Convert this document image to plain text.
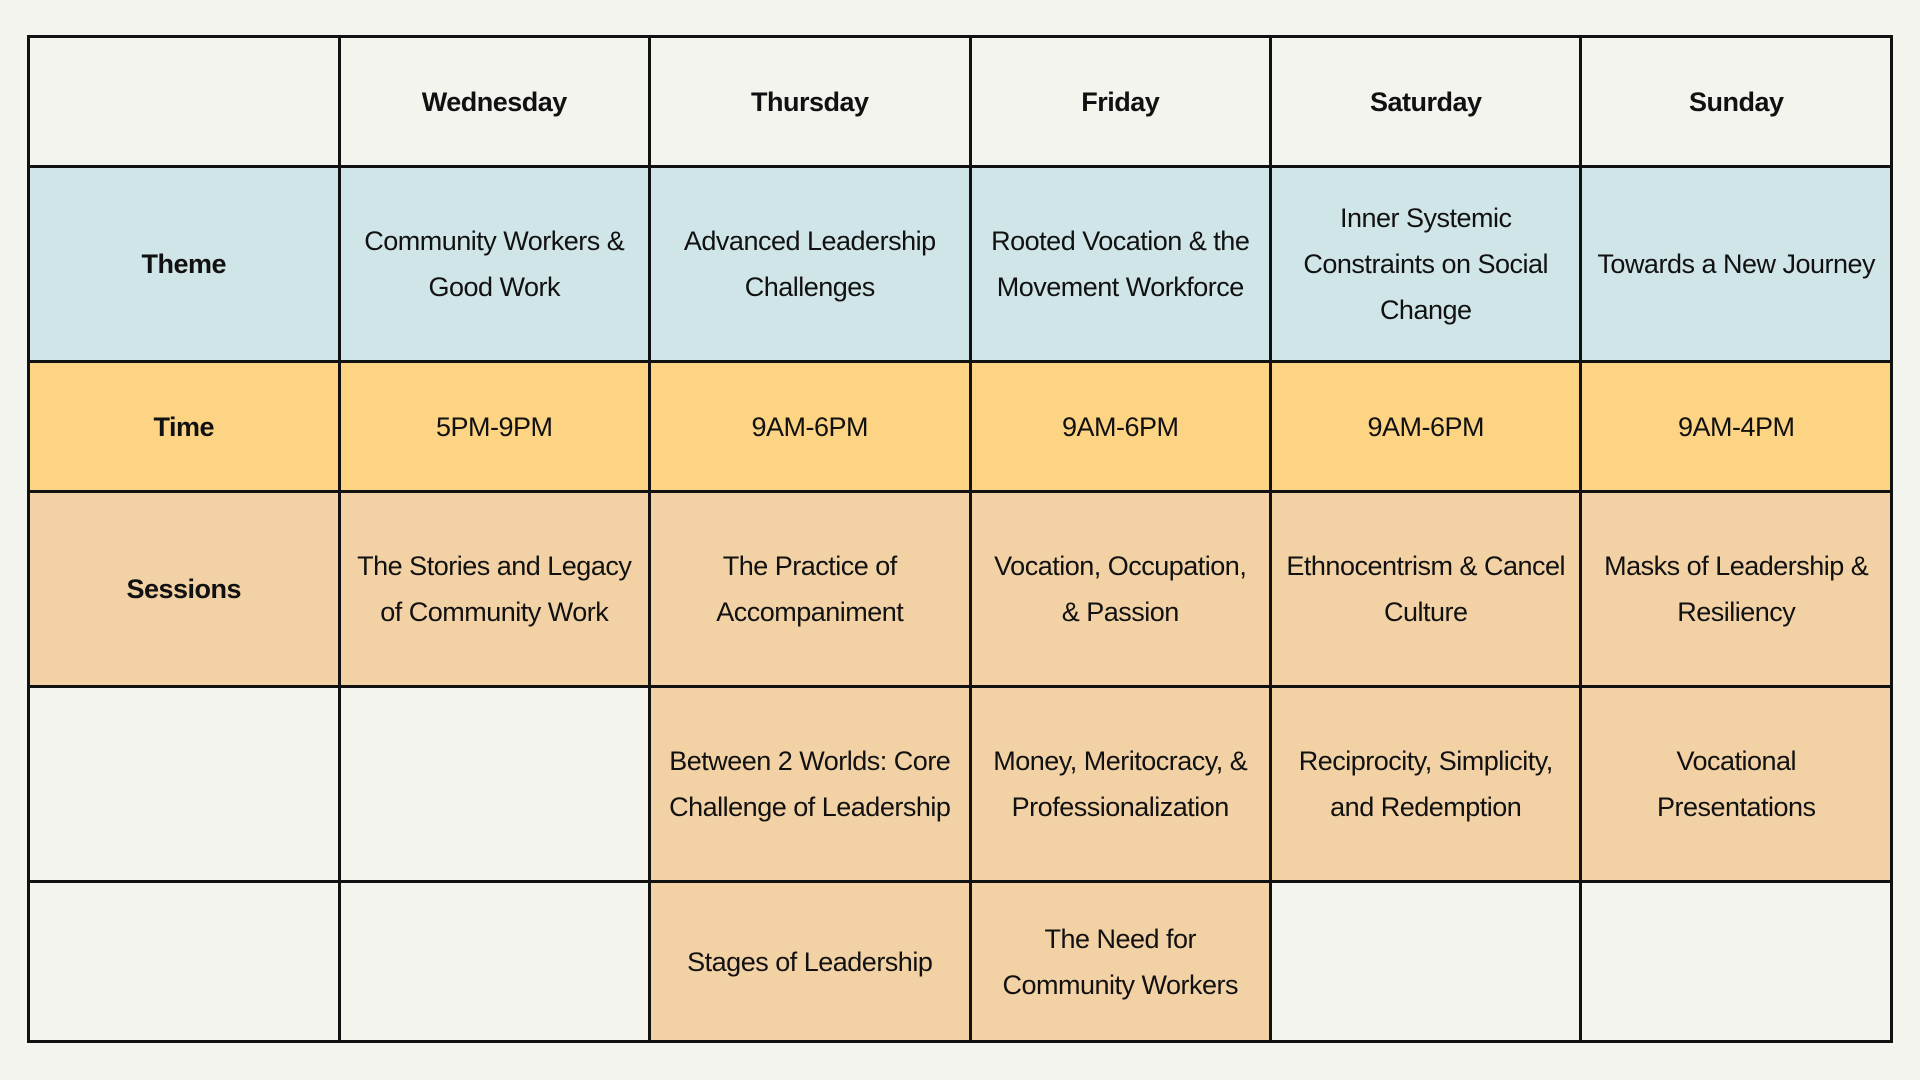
	Wednesday	Thursday	Friday	Saturday	Sunday
Theme	Community Workers & Good Work	Advanced Leadership Challenges	Rooted Vocation & the Movement Workforce	Inner Systemic Constraints on Social Change	Towards a New Journey
Time	5PM-9PM	9AM-6PM	9AM-6PM	9AM-6PM	9AM-4PM
Sessions	The Stories and Legacy of Community Work	The Practice of Accompaniment	Vocation, Occupation, & Passion	Ethnocentrism & Cancel Culture	Masks of Leadership & Resiliency
		Between 2 Worlds: Core Challenge of Leadership	Money, Meritocracy, & Professionalization	Reciprocity, Simplicity, and Redemption	Vocational Presentations
		Stages of Leadership	The Need for Community Workers		
